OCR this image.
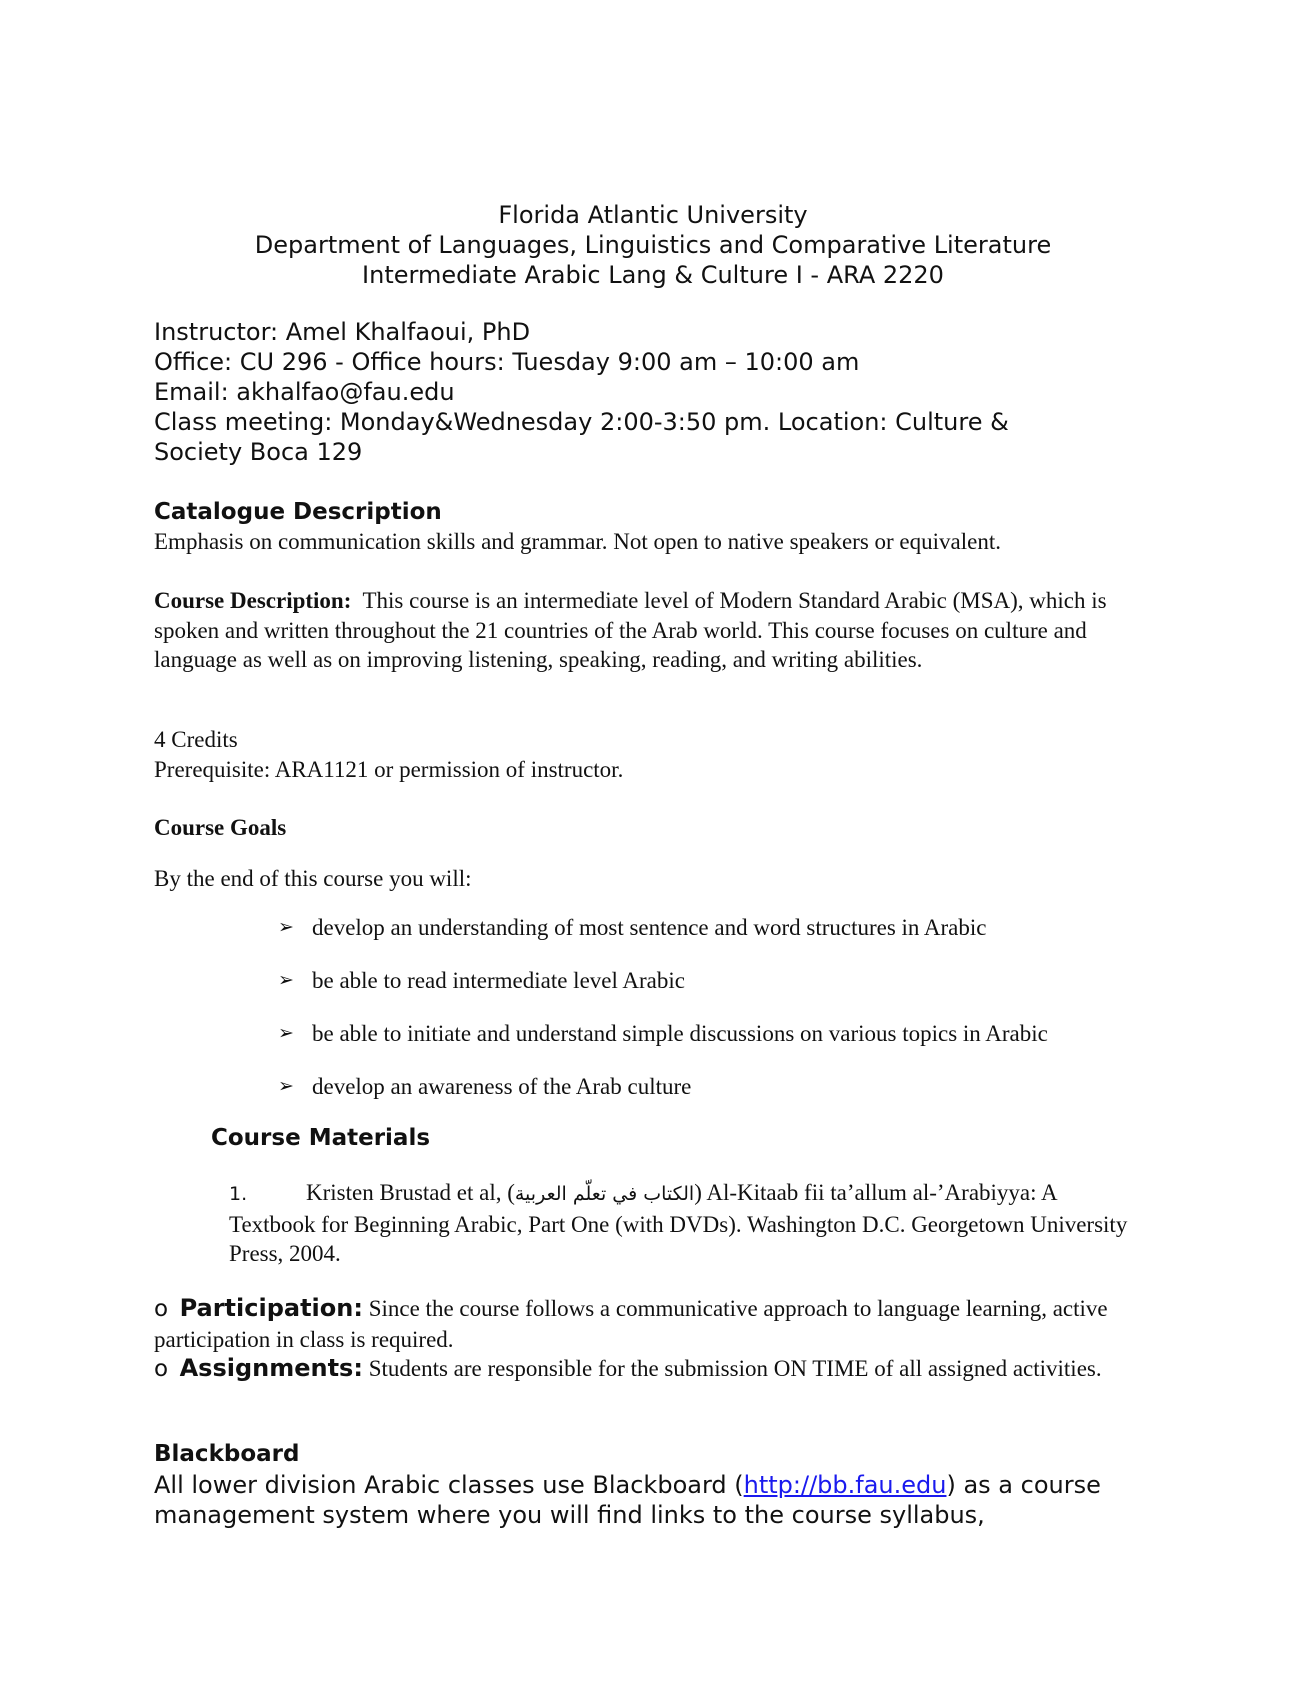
Florida Atlantic University
Department of Languages, Linguistics and Comparative Literature
Intermediate Arabic Lang & Culture I - ARA 2220
Instructor: Amel Khalfaoui, PhD
Office: CU 296 - Office hours: Tuesday 9:00 am – 10:00 am
Email: akhalfao@fau.edu
Class meeting: Monday&Wednesday 2:00-3:50 pm. Location: Culture & Society Boca 129
Catalogue Description
Emphasis on communication skills and grammar. Not open to native speakers or equivalent.
Course Description: This course is an intermediate level of Modern Standard Arabic (MSA), which is spoken and written throughout the 21 countries of the Arab world. This course focuses on culture and language as well as on improving listening, speaking, reading, and writing abilities.
4 Credits
Prerequisite: ARA1121 or permission of instructor.
Course Goals
By the end of this course you will:
➢ develop an understanding of most sentence and word structures in Arabic
➢ be able to read intermediate level Arabic
➢ be able to initiate and understand simple discussions on various topics in Arabic
➢ develop an awareness of the Arab culture
Course Materials
1.	Kristen Brustad et al, (الكتاب في تعلّم العربية) Al-Kitaab fii ta’allum al-’Arabiyya: A Textbook for Beginning Arabic, Part One (with DVDs). Washington D.C. Georgetown University Press, 2004.
o Participation: Since the course follows a communicative approach to language learning, active participation in class is required.
o Assignments: Students are responsible for the submission ON TIME of all assigned activities.
Blackboard
All lower division Arabic classes use Blackboard (http://bb.fau.edu) as a course management system where you will find links to the course syllabus,
